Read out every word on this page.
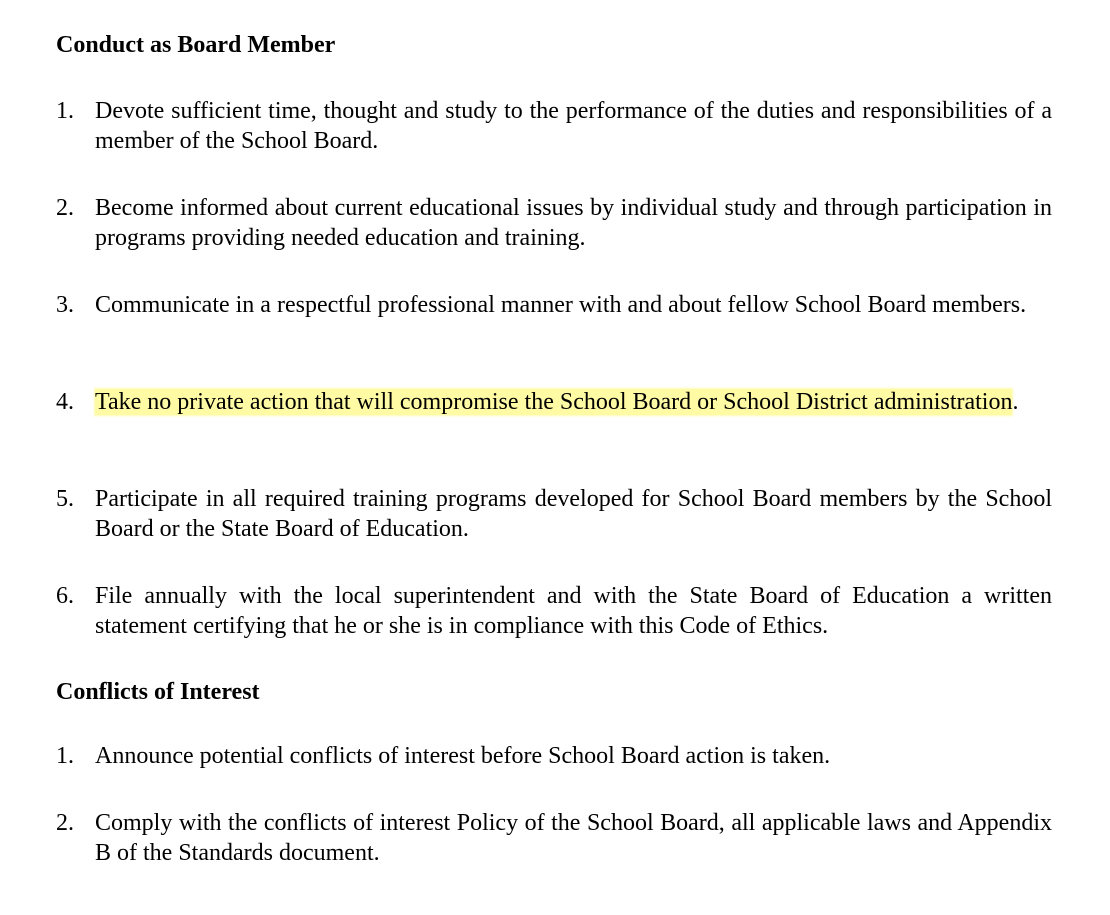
Conduct as Board Member
1. Devote sufficient time, thought and study to the performance of the duties and responsibilities of a member of the School Board.
2. Become informed about current educational issues by individual study and through participation in programs providing needed education and training.
3. Communicate in a respectful professional manner with and about fellow School Board members.
4. Take no private action that will compromise the School Board or School District administration.
5. Participate in all required training programs developed for School Board members by the School Board or the State Board of Education.
6. File annually with the local superintendent and with the State Board of Education a written statement certifying that he or she is in compliance with this Code of Ethics.
Conflicts of Interest
1. Announce potential conflicts of interest before School Board action is taken.
2. Comply with the conflicts of interest Policy of the School Board, all applicable laws and Appendix B of the Standards document.
